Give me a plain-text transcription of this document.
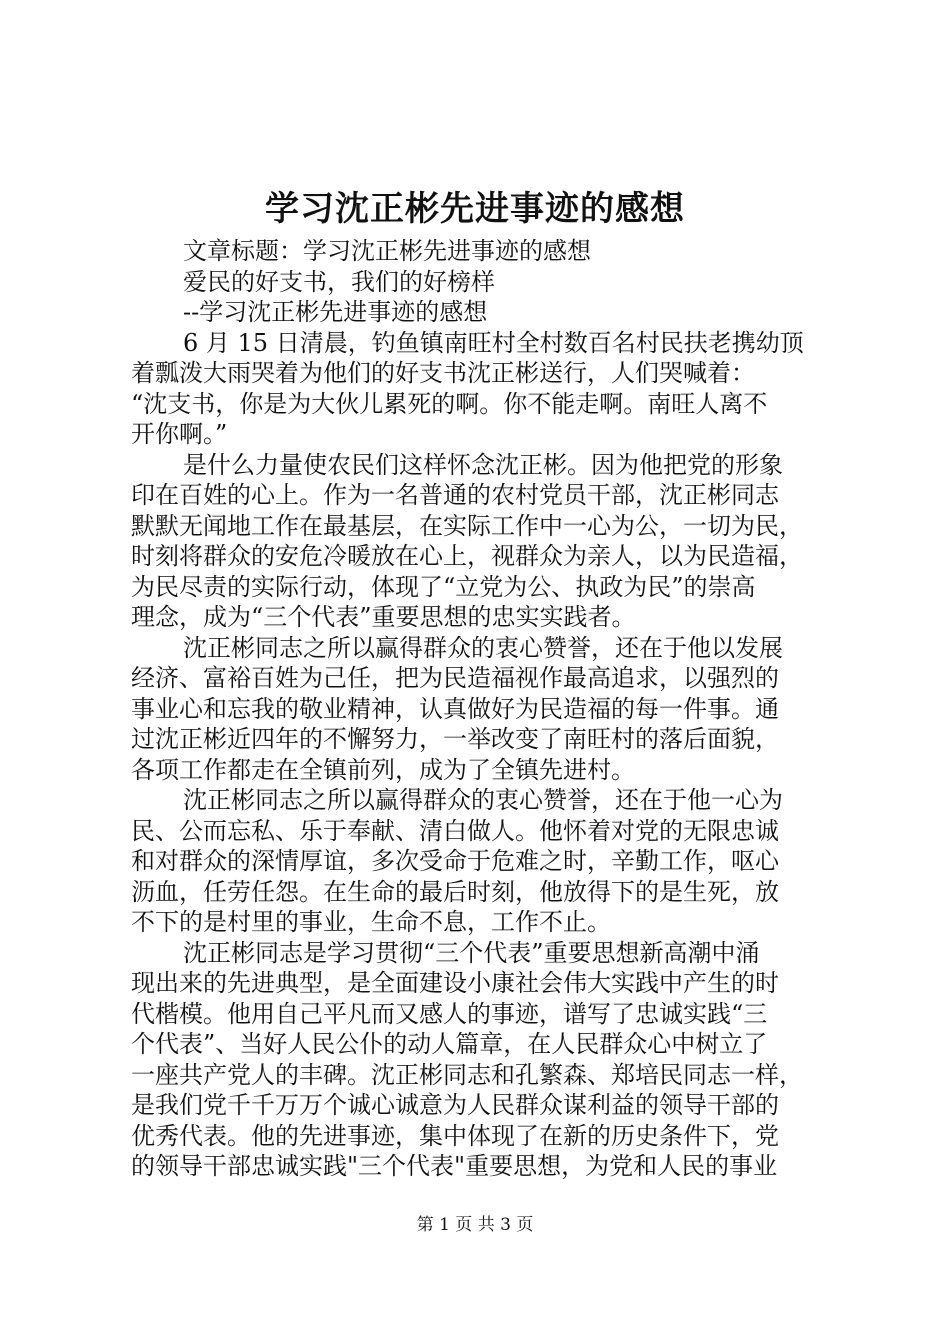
学习沈正彬先进事迹的感想

文章标题：学习沈正彬先进事迹的感想

爱民的好支书，我们的好榜样

--学习沈正彬先进事迹的感想

6 月 15 日清晨，钓鱼镇南旺村全村数百名村民扶老携幼顶

着瓢泼大雨哭着为他们的好支书沈正彬送行，人们哭喊着：

“沈支书，你是为大伙儿累死的啊。你不能走啊。南旺人离不

开你啊。”

是什么力量使农民们这样怀念沈正彬。因为他把党的形象

印在百姓的心上。作为一名普通的农村党员干部，沈正彬同志

默默无闻地工作在最基层，在实际工作中一心为公，一切为民，

时刻将群众的安危冷暖放在心上，视群众为亲人，以为民造福，

为民尽责的实际行动，体现了“立党为公、执政为民”的崇高

理念，成为“三个代表”重要思想的忠实实践者。

沈正彬同志之所以赢得群众的衷心赞誉，还在于他以发展

经济、富裕百姓为己任，把为民造福视作最高追求，以强烈的

事业心和忘我的敬业精神，认真做好为民造福的每一件事。通

过沈正彬近四年的不懈努力，一举改变了南旺村的落后面貌，

各项工作都走在全镇前列，成为了全镇先进村。

沈正彬同志之所以赢得群众的衷心赞誉，还在于他一心为

民、公而忘私、乐于奉献、清白做人。他怀着对党的无限忠诚

和对群众的深情厚谊，多次受命于危难之时，辛勤工作，呕心

沥血，任劳任怨。在生命的最后时刻，他放得下的是生死，放

不下的是村里的事业，生命不息，工作不止。

沈正彬同志是学习贯彻“三个代表”重要思想新高潮中涌

现出来的先进典型，是全面建设小康社会伟大实践中产生的时

代楷模。他用自己平凡而又感人的事迹，谱写了忠诚实践“三

个代表”、当好人民公仆的动人篇章，在人民群众心中树立了

一座共产党人的丰碑。沈正彬同志和孔繁森、郑培民同志一样，

是我们党千千万万个诚心诚意为人民群众谋利益的领导干部的

优秀代表。他的先进事迹，集中体现了在新的历史条件下，党

的领导干部忠诚实践"三个代表"重要思想，为党和人民的事业

第 1 页 共 3 页
